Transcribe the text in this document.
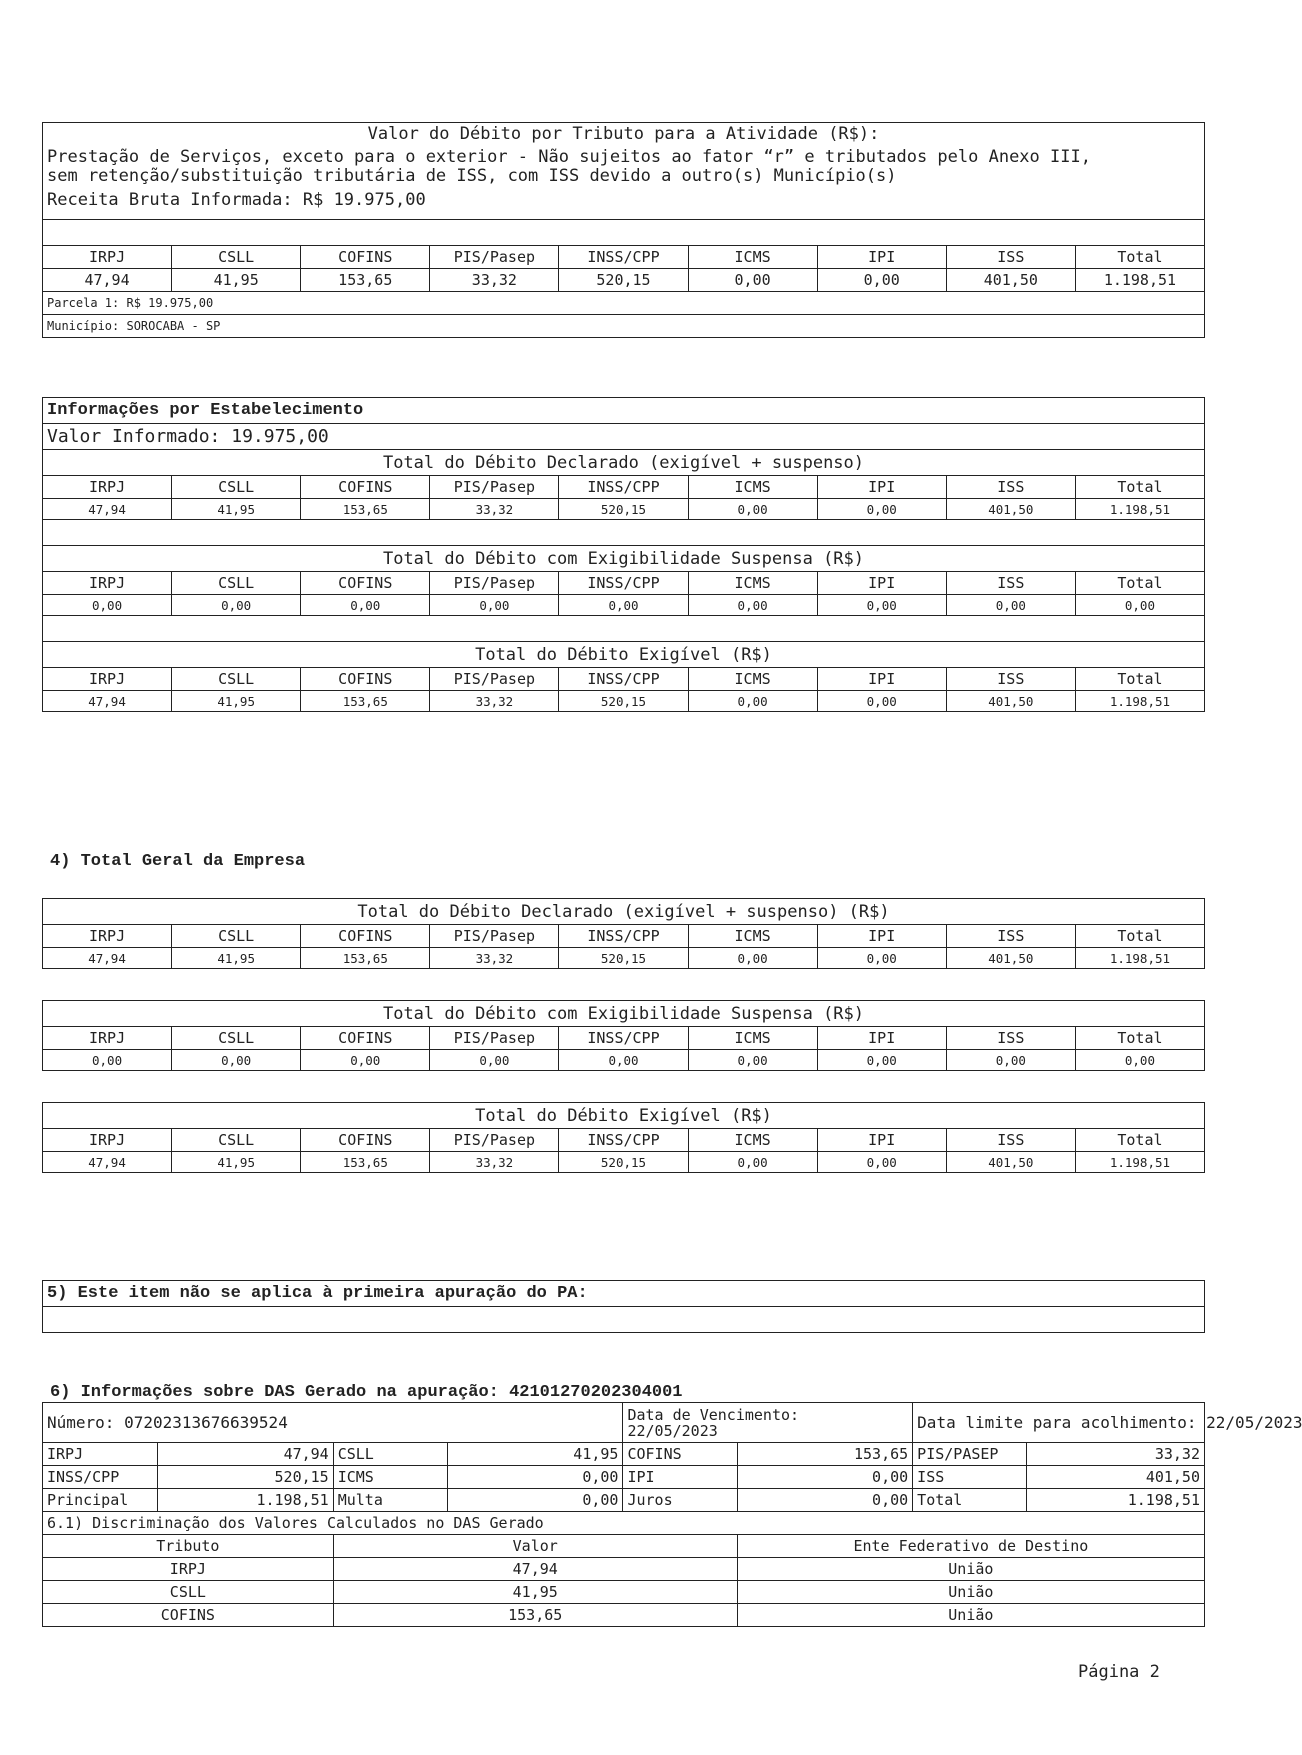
Valor do Débito por Tributo para a Atividade (R$):
Prestação de Serviços, exceto para o exterior - Não sujeitos ao fator “r” e tributados pelo Anexo III,
sem retenção/substituição tributária de ISS, com ISS devido a outro(s) Município(s)
Receita Bruta Informada: R$ 19.975,00								

IRPJ	CSLL	COFINS	PIS/Pasep	INSS/CPP	ICMS	IPI	ISS	Total
47,94	41,95	153,65	33,32	520,15	0,00	0,00	401,50	1.198,51
Parcela 1: R$ 19.975,00								
Município: SOROCABA - SP								
Informações por Estabelecimento								
Valor Informado: 19.975,00								
Total do Débito Declarado (exigível + suspenso)								
IRPJ	CSLL	COFINS	PIS/Pasep	INSS/CPP	ICMS	IPI	ISS	Total
47,94	41,95	153,65	33,32	520,15	0,00	0,00	401,50	1.198,51

Total do Débito com Exigibilidade Suspensa (R$)								
IRPJ	CSLL	COFINS	PIS/Pasep	INSS/CPP	ICMS	IPI	ISS	Total
0,00	0,00	0,00	0,00	0,00	0,00	0,00	0,00	0,00

Total do Débito Exigível (R$)								
IRPJ	CSLL	COFINS	PIS/Pasep	INSS/CPP	ICMS	IPI	ISS	Total
47,94	41,95	153,65	33,32	520,15	0,00	0,00	401,50	1.198,51
4) Total Geral da Empresa
Total do Débito Declarado (exigível + suspenso) (R$)								
IRPJ	CSLL	COFINS	PIS/Pasep	INSS/CPP	ICMS	IPI	ISS	Total
47,94	41,95	153,65	33,32	520,15	0,00	0,00	401,50	1.198,51
Total do Débito com Exigibilidade Suspensa (R$)								
IRPJ	CSLL	COFINS	PIS/Pasep	INSS/CPP	ICMS	IPI	ISS	Total
0,00	0,00	0,00	0,00	0,00	0,00	0,00	0,00	0,00
Total do Débito Exigível (R$)								
IRPJ	CSLL	COFINS	PIS/Pasep	INSS/CPP	ICMS	IPI	ISS	Total
47,94	41,95	153,65	33,32	520,15	0,00	0,00	401,50	1.198,51
5) Este item não se aplica à primeira apuração do PA:

6) Informações sobre DAS Gerado na apuração: 42101270202304001
Número: 07202313676639524				Data de Vencimento:
22/05/2023		Data limite para acolhimento: 22/05/2023	
IRPJ	47,94	CSLL	41,95	COFINS	153,65	PIS/PASEP	33,32
INSS/CPP	520,15	ICMS	0,00	IPI	0,00	ISS	401,50
Principal	1.198,51	Multa	0,00	Juros	0,00	Total	1.198,51
6.1) Discriminação dos Valores Calculados no DAS Gerado							
Tributo		Valor			Ente Federativo de Destino		
IRPJ		47,94			União		
CSLL		41,95			União		
COFINS		153,65			União		
Página 2
